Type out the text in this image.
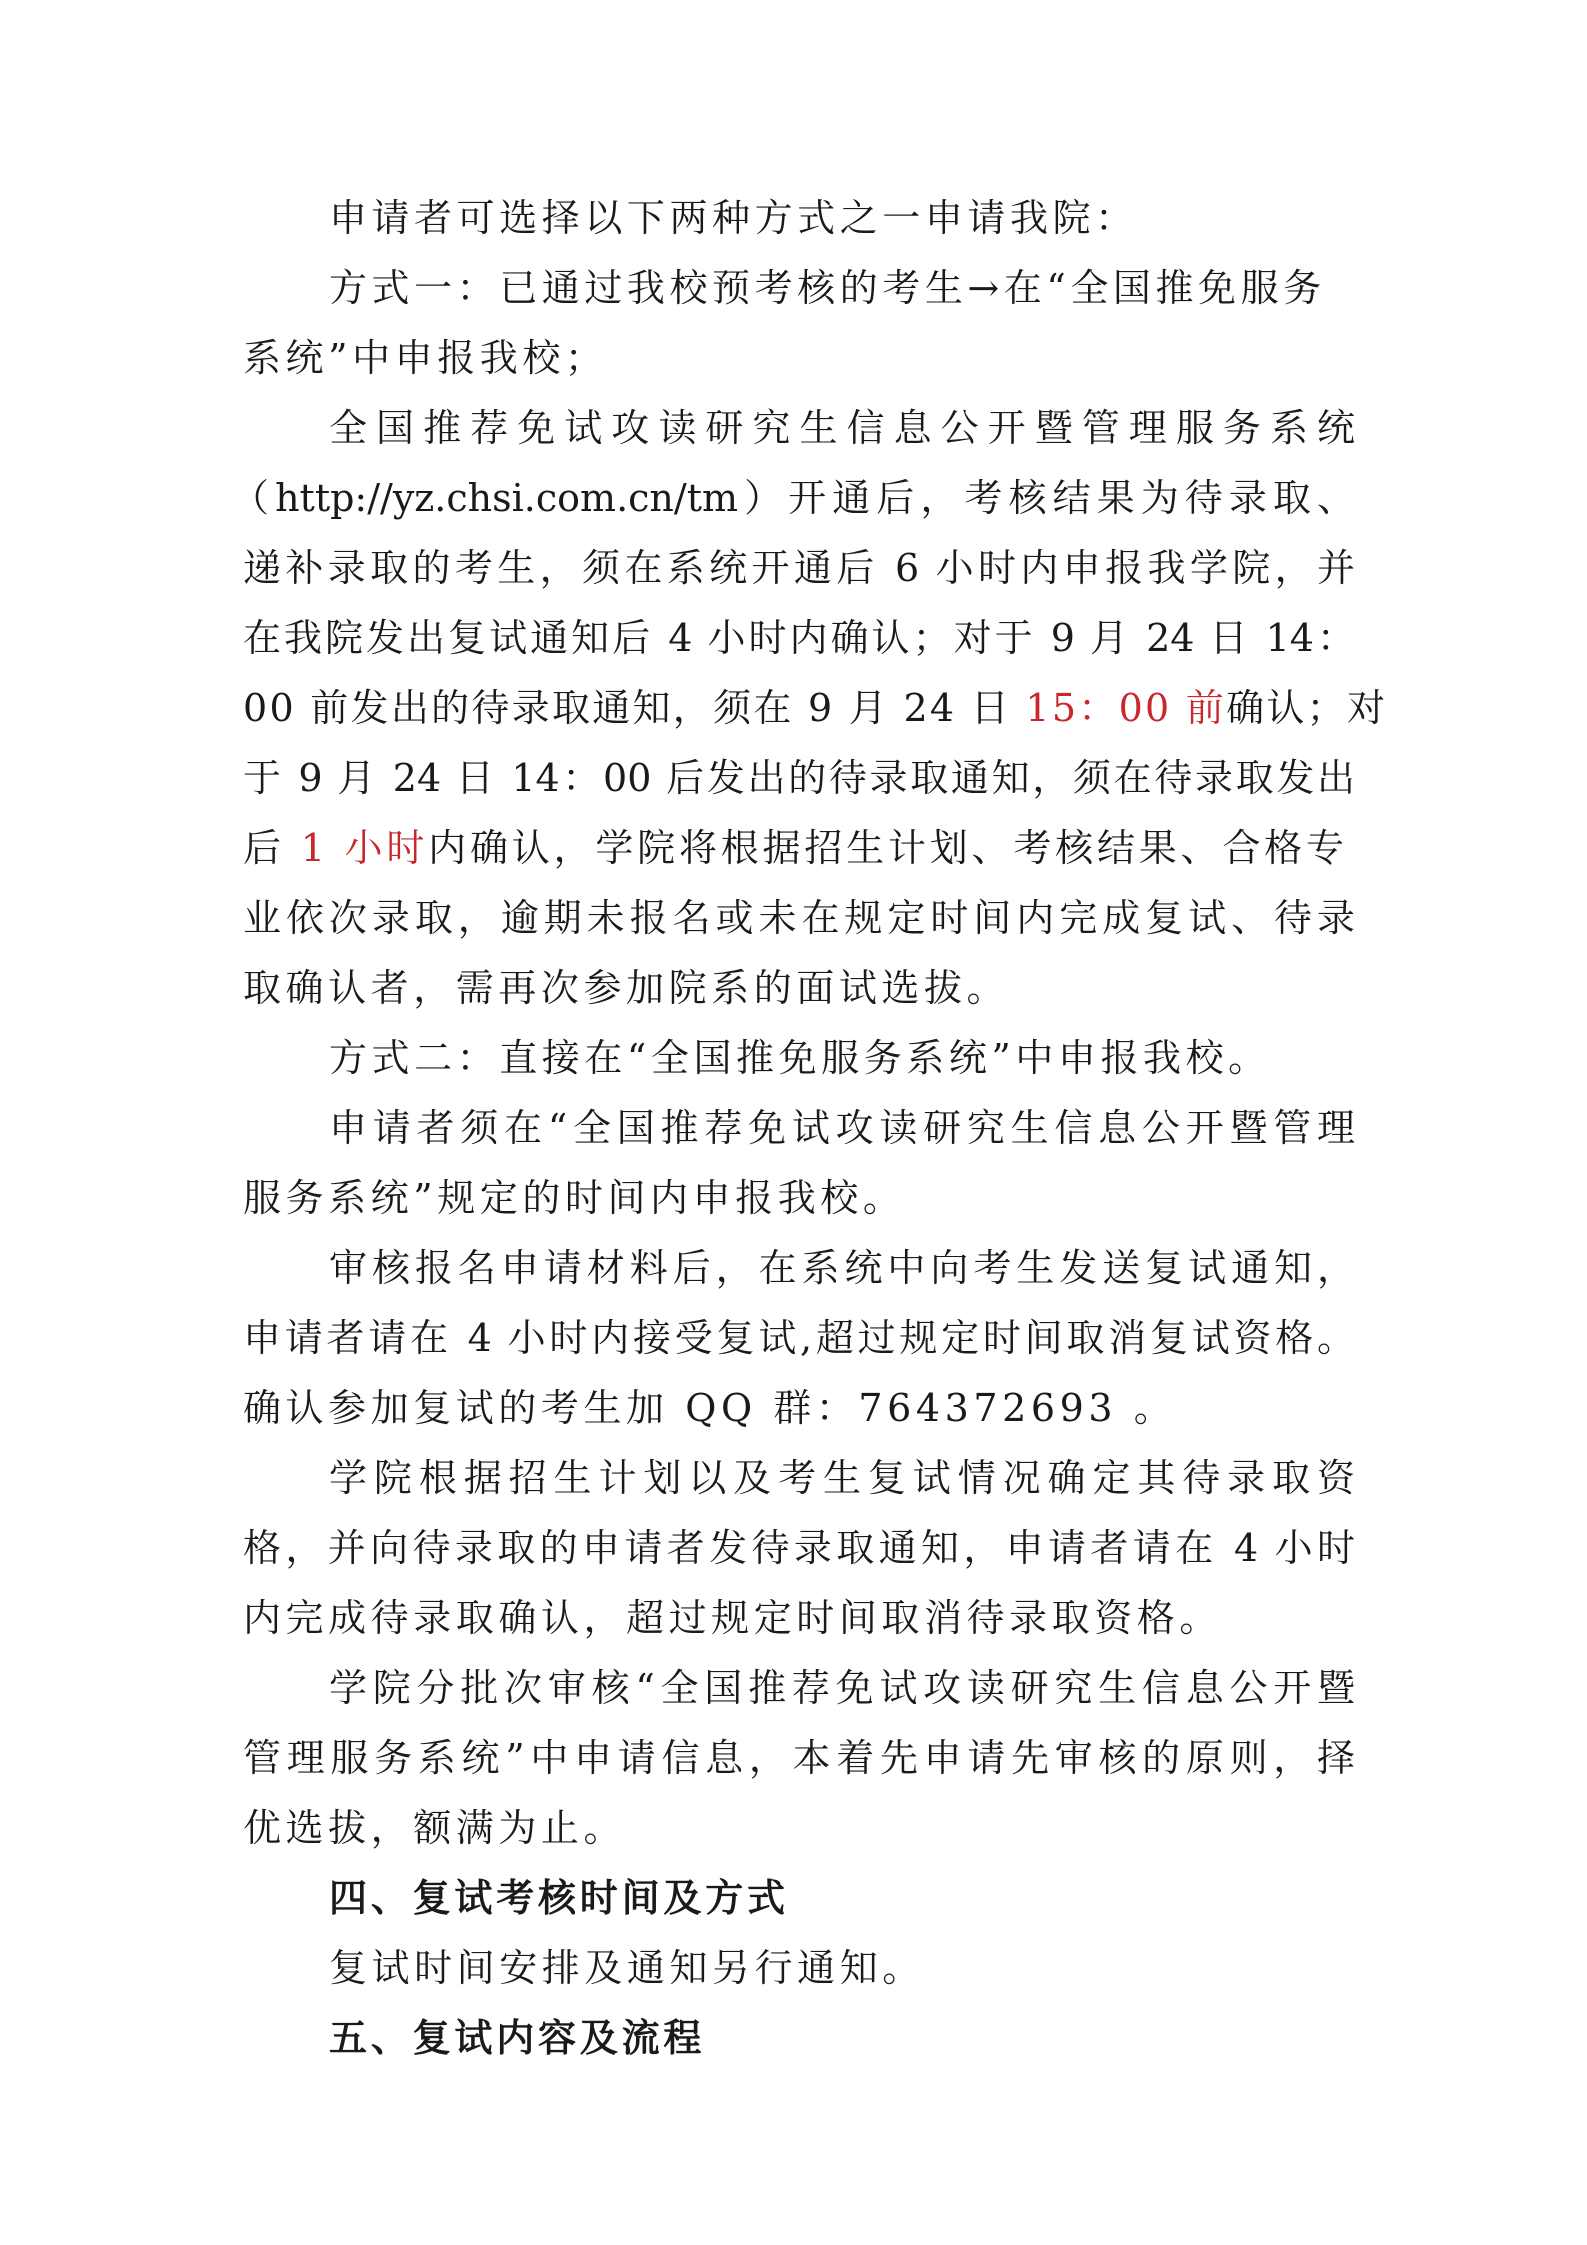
申请者可选择以下两种方式之一申请我院：
方式一：已通过我校预考核的考生→在“全国推免服务
系统”中申报我校；
全国推荐免试攻读研究生信息公开暨管理服务系统
（http://yz.chsi.com.cn/tm）开通后，考核结果为待录取、
递补录取的考生，须在系统开通后 6 小时内申报我学院，并
在我院发出复试通知后 4 小时内确认；对于 9 月 24 日 14：
00 前发出的待录取通知，须在 9 月 24 日 15：00 前确认；对
于 9 月 24 日 14：00 后发出的待录取通知，须在待录取发出
后 1 小时内确认，学院将根据招生计划、考核结果、合格专
业依次录取，逾期未报名或未在规定时间内完成复试、待录
取确认者，需再次参加院系的面试选拔。
方式二：直接在“全国推免服务系统”中申报我校。
申请者须在“全国推荐免试攻读研究生信息公开暨管理
服务系统”规定的时间内申报我校。
审核报名申请材料后，在系统中向考生发送复试通知，
申请者请在 4 小时内接受复试,超过规定时间取消复试资格。
确认参加复试的考生加 QQ 群：764372693 。
学院根据招生计划以及考生复试情况确定其待录取资
格，并向待录取的申请者发待录取通知，申请者请在 4 小时
内完成待录取确认，超过规定时间取消待录取资格。
学院分批次审核“全国推荐免试攻读研究生信息公开暨
管理服务系统”中申请信息，本着先申请先审核的原则，择
优选拔，额满为止。
四、复试考核时间及方式
复试时间安排及通知另行通知。
五、复试内容及流程
